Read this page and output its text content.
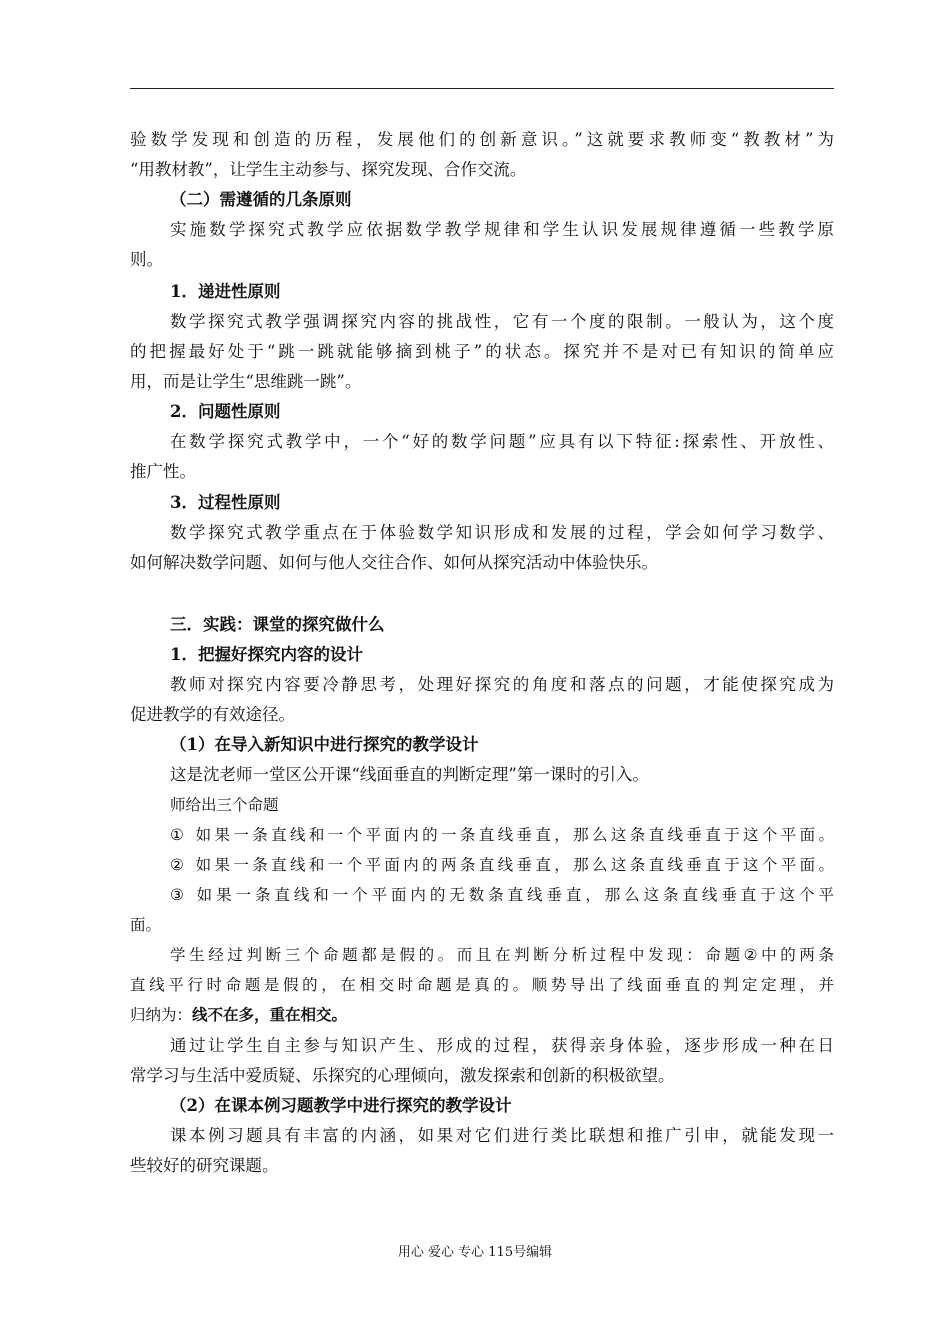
验数学发现和创造的历程，发展他们的创新意识。”这就要求教师变“教教材”为
“用教材教”，让学生主动参与、探究发现、合作交流。
（二）需遵循的几条原则
实施数学探究式教学应依据数学教学规律和学生认识发展规律遵循一些教学原
则。
1．递进性原则
数学探究式教学强调探究内容的挑战性，它有一个度的限制。一般认为，这个度
的把握最好处于“跳一跳就能够摘到桃子”的状态。探究并不是对已有知识的简单应
用，而是让学生“思维跳一跳”。
2．问题性原则
在数学探究式教学中，一个“好的数学问题”应具有以下特征:探索性、开放性、
推广性。
3．过程性原则
数学探究式教学重点在于体验数学知识形成和发展的过程，学会如何学习数学、
如何解决数学问题、如何与他人交往合作、如何从探究活动中体验快乐。
三．实践：课堂的探究做什么
1．把握好探究内容的设计
教师对探究内容要冷静思考，处理好探究的角度和落点的问题，才能使探究成为
促进教学的有效途径。
（1）在导入新知识中进行探究的教学设计
这是沈老师一堂区公开课“线面垂直的判断定理”第一课时的引入。
师给出三个命题
① 如果一条直线和一个平面内的一条直线垂直，那么这条直线垂直于这个平面。
② 如果一条直线和一个平面内的两条直线垂直，那么这条直线垂直于这个平面。
③ 如果一条直线和一个平面内的无数条直线垂直，那么这条直线垂直于这个平
面。
学生经过判断三个命题都是假的。而且在判断分析过程中发现：命题②中的两条
直线平行时命题是假的，在相交时命题是真的。顺势导出了线面垂直的判定定理，并
归纳为：线不在多，重在相交。
通过让学生自主参与知识产生、形成的过程，获得亲身体验，逐步形成一种在日
常学习与生活中爱质疑、乐探究的心理倾向，激发探索和创新的积极欲望。
（2）在课本例习题教学中进行探究的教学设计
课本例习题具有丰富的内涵，如果对它们进行类比联想和推广引申，就能发现一
些较好的研究课题。
用心 爱心 专心 115号编辑
